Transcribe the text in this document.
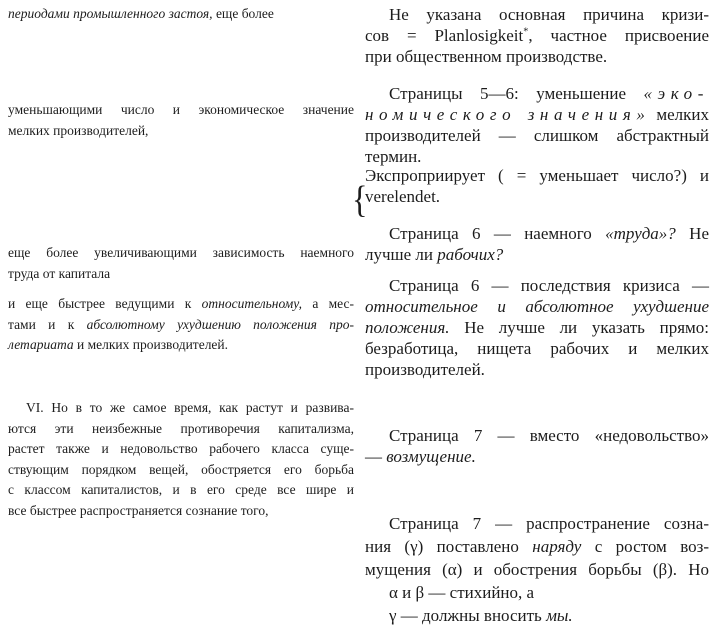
периодами промышленного застоя, еще более
уменьшающими число и экономическое значение
мелких производителей,
еще более увеличивающими зависимость наемного
труда от капитала
и еще быстрее ведущими к относительному, а мес-
тами и к абсолютному ухудшению положения про-
летариата и мелких производителей.
VI. Но в то же самое время, как растут и развива-
ются эти неизбежные противоречия капитализма,
растет также и недовольство рабочего класса суще-
ствующим порядком вещей, обостряется его борьба
с классом капиталистов, и в его среде все шире и
все быстрее распространяется сознание того,
Не указана основная причина кризи-
сов = Planlosigkeit*, частное присвоение
при общественном производстве.
Страницы 5—6: уменьшение «эко-
номического значения» мелких
производителей — слишком абстрактный
термин.
Экспроприирует ( = уменьшает число?) и
verelendet.
Страница 6 — наемного «труда»? Не
лучше ли рабочих?
Страница 6 — последствия кризиса —
относительное и абсолютное ухудшение
положения. Не лучше ли указать прямо:
безработица, нищета рабочих и мелких
производителей.
Страница 7 — вместо «недовольство»
— возмущение.
Страница 7 — распространение созна-
ния (γ) поставлено наряду с ростом воз-
мущения (α) и обострения борьбы (β). Но
α и β — стихийно, а
γ — должны вносить мы.
{
